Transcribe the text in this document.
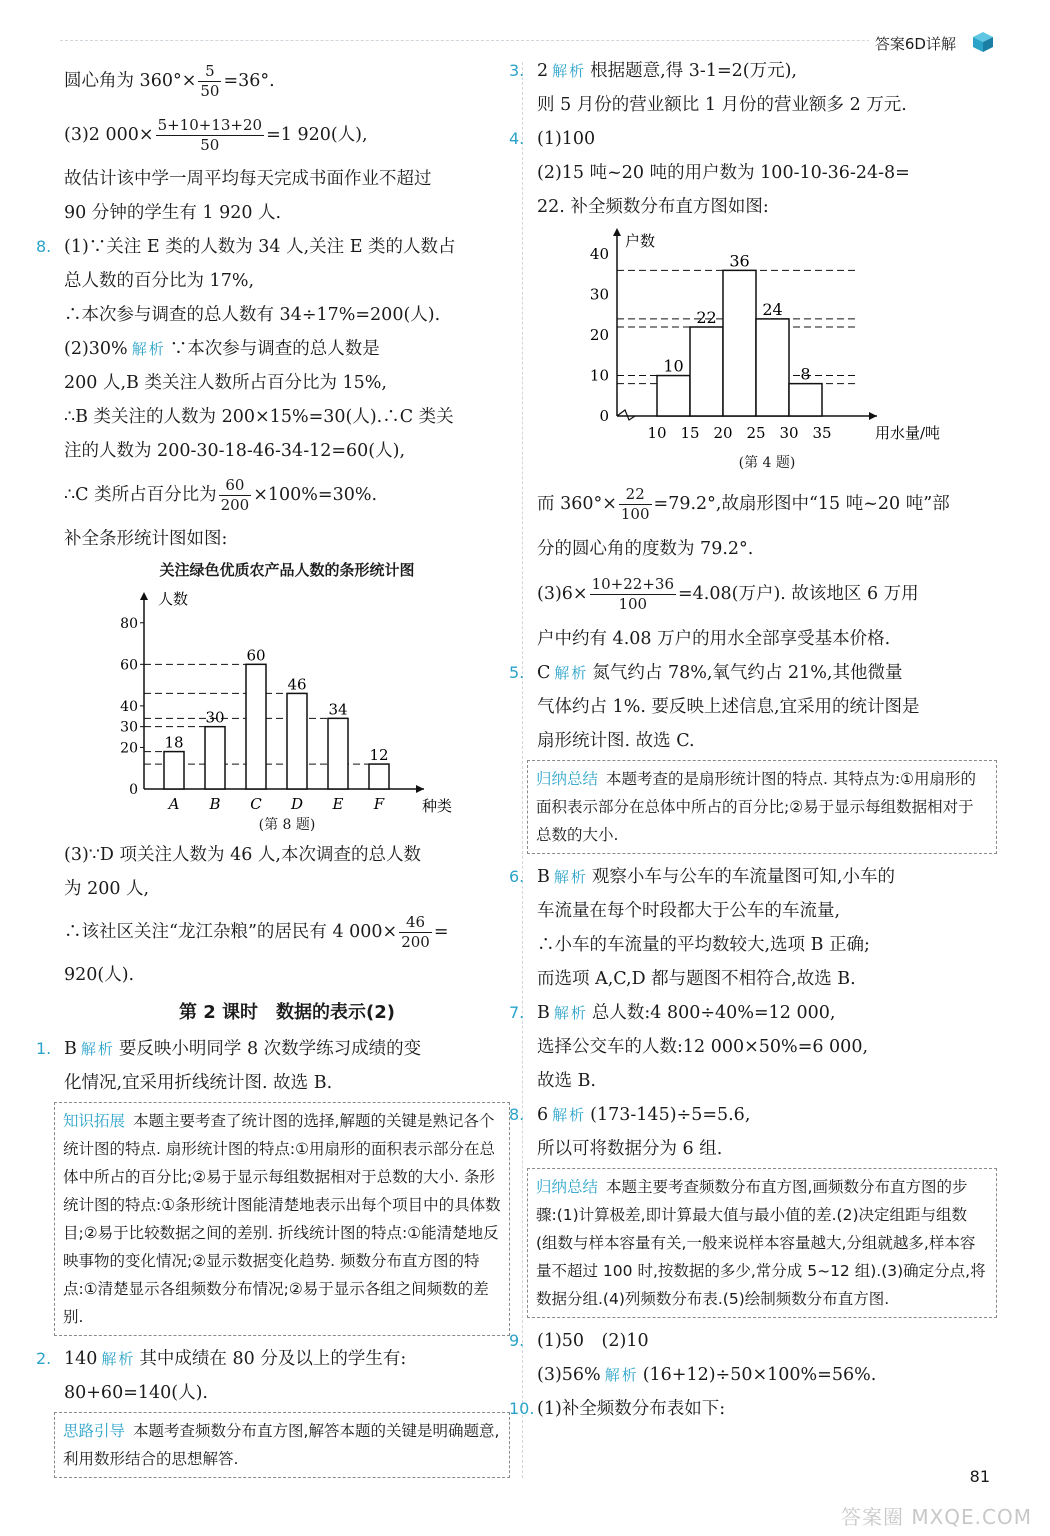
答案6D详解
圆心角为 $360^\circ\times \frac{5}{50} =36^\circ$.
(3)2 $000\times \frac{5+10+13+20}{50} =1$ 920(人),
故估计该中学一周平均每天完成书面作业不超过
90 分钟的学生有 1 920 人.
8. (1)∵关注 E 类的人数为 34 人,关注 E 类的人数占
总人数的百分比为 17%,
∴本次参与调查的总人数有 34÷17%=200(人).
(2)30% 解析 ∵本次参与调查的总人数是
200 人,B 类关注人数所占百分比为 15%,
∴B 类关注的人数为 200×15%=30(人).∴C 类关
注的人数为 200-30-18-46-34-12=60(人),
∴C 类所占百分比为 $\frac{60}{200} \times 100\%=30\%$.
补全条形统计图如图:
关注绿色优质农产品人数的条形统计图
人数
种类
0
20
30
40
60
80
18
A
30
B
60
C
46
D
34
E
12
F
(第 8 题)
(3)∵D 项关注人数为 46 人,本次调查的总人数
为 200 人,
∴该社区关注“龙江杂粮”的居民有 4 $000\times \frac{46}{200}$ =
920(人).
第 2 课时　数据的表示(2)
1. B 解析 要反映小明同学 8 次数学练习成绩的变
化情况,宜采用折线统计图. 故选 B.
知识拓展 本题主要考查了统计图的选择,解题的关键是熟记各个统计图的特点. 扇形统计图的特点:①用扇形的面积表示部分在总体中所占的百分比;②易于显示每组数据相对于总数的大小. 条形统计图的特点:①条形统计图能清楚地表示出每个项目中的具体数目;②易于比较数据之间的差别. 折线统计图的特点:①能清楚地反映事物的变化情况;②显示数据变化趋势. 频数分布直方图的特点:①清楚显示各组频数分布情况;②易于显示各组之间频数的差别.
2. 140 解析 其中成绩在 80 分及以上的学生有:
80+60=140(人).
思路引导 本题考查频数分布直方图,解答本题的关键是明确题意,利用数形结合的思想解答.
3. 2 解析 根据题意,得 3-1=2(万元),
则 5 月份的营业额比 1 月份的营业额多 2 万元.
4. (1)100
(2)15 吨~20 吨的用户数为 100-10-36-24-8=
22. 补全频数分布直方图如图:
户数
用水量/吨
0
10
20
30
40
10
22
36
24
8
10 15 20 25 30 35
(第 4 题)
而 $360^\circ\times \frac{22}{100} =79.2^\circ$,故扇形图中“15 吨~20 吨”部
分的圆心角的度数为 79.2°.
$(3)6\times \frac{10+22+36}{100} =4.08$(万户). 故该地区 6 万用
户中约有 4.08 万户的用水全部享受基本价格.
5. C 解析 氮气约占 78%,氧气约占 21%,其他微量
气体约占 1%. 要反映上述信息,宜采用的统计图是
扇形统计图. 故选 C.
归纳总结 本题考查的是扇形统计图的特点. 其特点为:①用扇形的面积表示部分在总体中所占的百分比;②易于显示每组数据相对于总数的大小.
6. B 解析 观察小车与公车的车流量图可知,小车的
车流量在每个时段都大于公车的车流量,
∴小车的车流量的平均数较大,选项 B 正确;
而选项 A,C,D 都与题图不相符合,故选 B.
7. B 解析 总人数:4 800÷40%=12 000,
选择公交车的人数:12 000×50%=6 000,
故选 B.
8. 6 解析 (173-145)÷5=5.6,
所以可将数据分为 6 组.
归纳总结 本题主要考查频数分布直方图,画频数分布直方图的步骤:(1)计算极差,即计算最大值与最小值的差.(2)决定组距与组数(组数与样本容量有关,一般来说样本容量越大,分组就越多,样本容量不超过 100 时,按数据的多少,常分成 5~12 组).(3)确定分点,将数据分组.(4)列频数分布表.(5)绘制频数分布直方图.
9. (1)50　(2)10
(3)56% 解析 (16+12)÷50×100%=56%.
10. (1)补全频数分布表如下:
81
答案圈 MXQE.COM
